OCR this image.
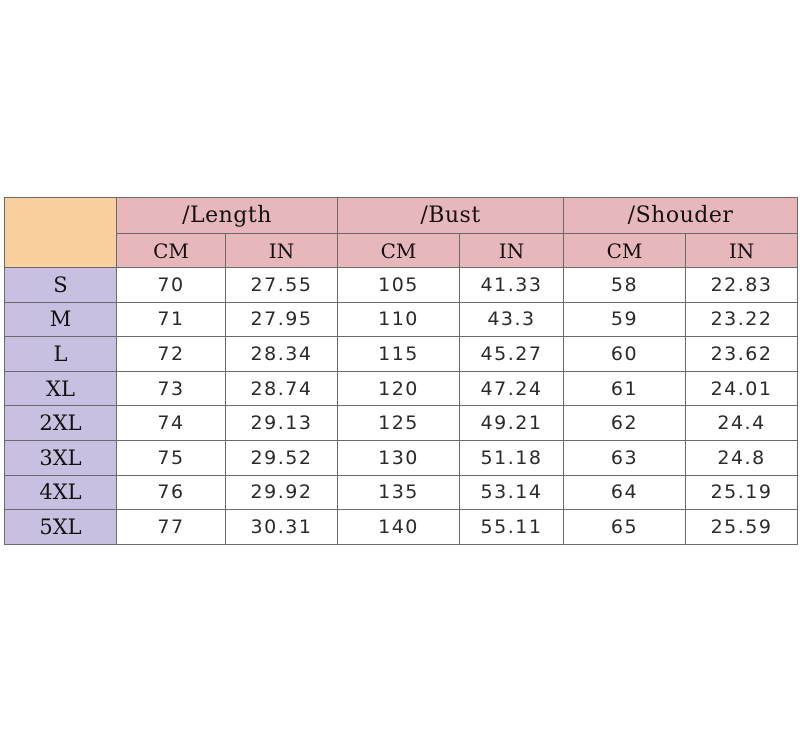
	/Length		/Bust		/Shouder	
	CM	IN	CM	IN	CM	IN
S	70	27.55	105	41.33	58	22.83
M	71	27.95	110	43.3	59	23.22
L	72	28.34	115	45.27	60	23.62
XL	73	28.74	120	47.24	61	24.01
2XL	74	29.13	125	49.21	62	24.4
3XL	75	29.52	130	51.18	63	24.8
4XL	76	29.92	135	53.14	64	25.19
5XL	77	30.31	140	55.11	65	25.59
